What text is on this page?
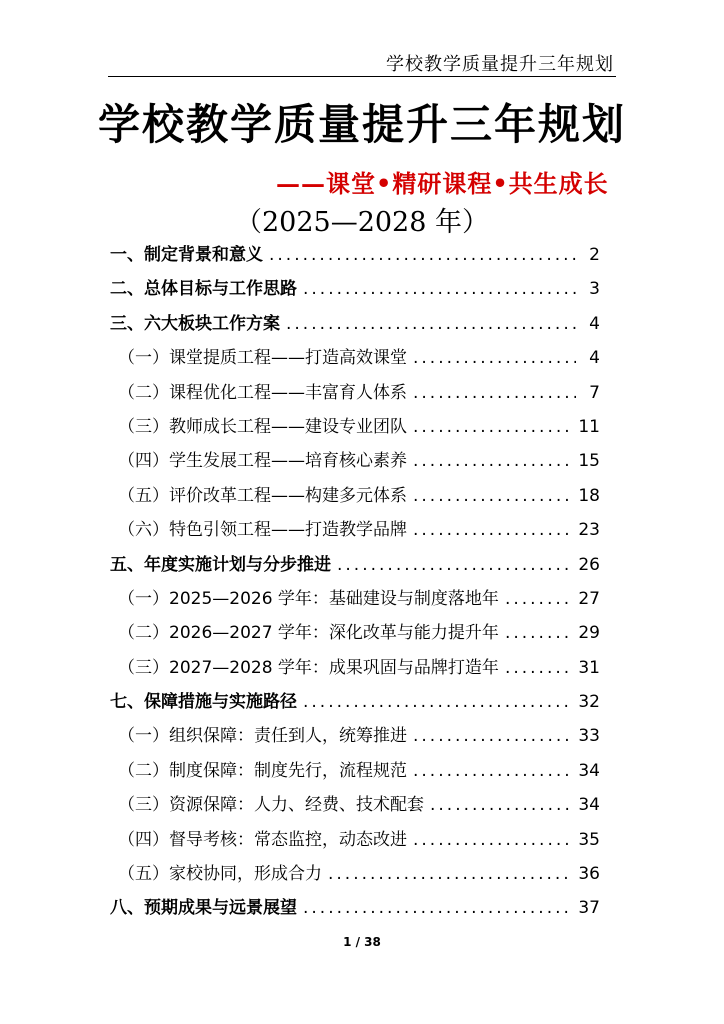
学校教学质量提升三年规划
学校教学质量提升三年规划
——课堂•精研课程•共生成长
（2025—2028 年）
一、制定背景和意义 .....	2
二、总体目标与工作思路 .....	3
三、六大板块工作方案 .....	4
（一）课堂提质工程——打造高效课堂 .....	4
（二）课程优化工程——丰富育人体系 .....	7
（三）教师成长工程——建设专业团队 .....	11
（四）学生发展工程——培育核心素养 .....	15
（五）评价改革工程——构建多元体系 .....	18
（六）特色引领工程——打造教学品牌 .....	23
五、年度实施计划与分步推进 .....	26
（一）2025—2026 学年：基础建设与制度落地年 .....	27
（二）2026—2027 学年：深化改革与能力提升年 .....	29
（三）2027—2028 学年：成果巩固与品牌打造年 .....	31
七、保障措施与实施路径 .....	32
（一）组织保障：责任到人，统筹推进 .....	33
（二）制度保障：制度先行，流程规范 .....	34
（三）资源保障：人力、经费、技术配套 .....	34
（四）督导考核：常态监控，动态改进 .....	35
（五）家校协同，形成合力 .....	36
八、预期成果与远景展望 .....	37
1 / 38
